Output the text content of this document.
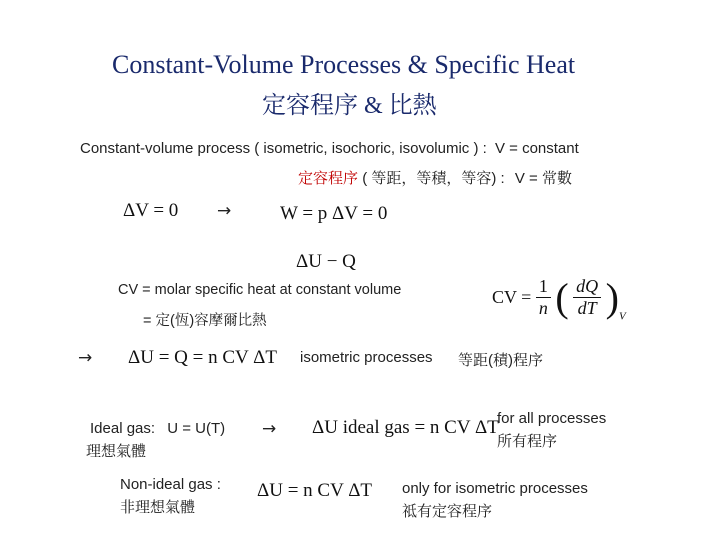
Constant-Volume Processes & Specific Heat
定容程序 & 比熱
Constant-volume process ( isometric, isochoric, isovolumic ) : V = constant
定容程序 ( 等距，等積，等容) : V = 常數
ΔV = 0 →	W = p ΔV = 0
ΔU − Q
CV = molar specific heat at constant volume
= 定(恆)容摩爾比熱
CV = $\frac{1}{n}$ ( $\frac{dQ}{dT} )_V$
→ ΔU = Q = n CV ΔT isometric processes 等距(積)程序
Ideal gas: U = U(T)
理想氣體
→ ΔU ideal gas = n CV ΔT
for all processes
所有程序
Non-ideal gas :
非理想氣體
ΔU = n CV ΔT only for isometric processes
祗有定容程序
